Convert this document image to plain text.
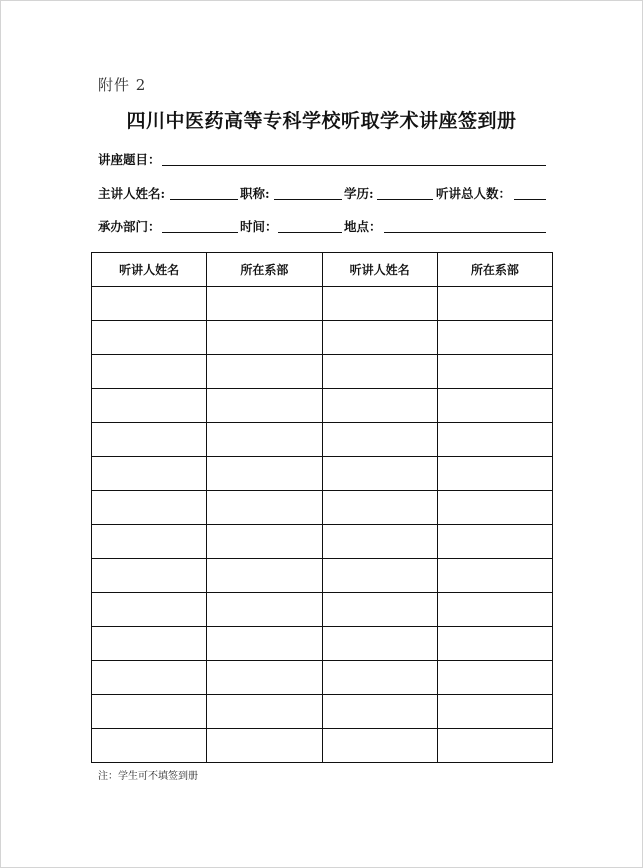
附件 2
四川中医药高等专科学校听取学术讲座签到册
讲座题目：
主讲人姓名:	职称:	学历:	听讲总人数：
承办部门：	时间：	地点：
听讲人姓名	所在系部	听讲人姓名	所在系部

注：学生可不填签到册
